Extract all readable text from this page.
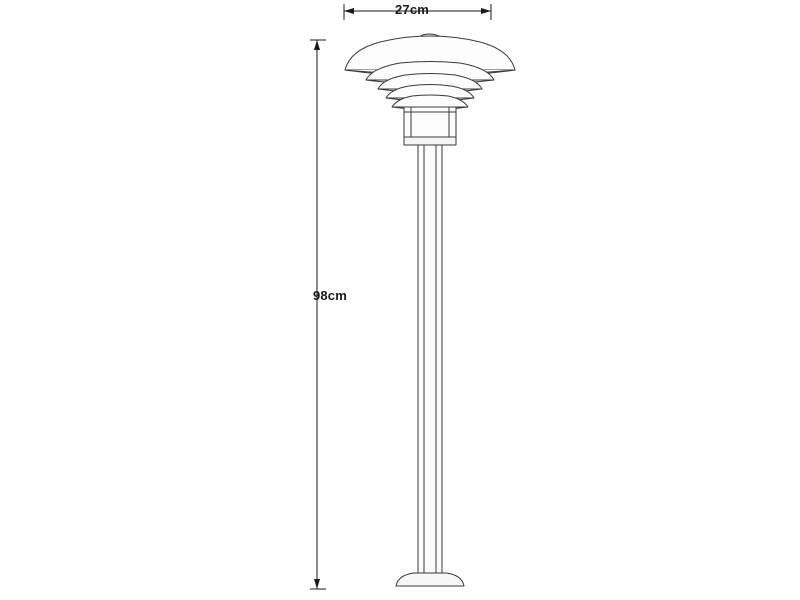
27cm
98cm
